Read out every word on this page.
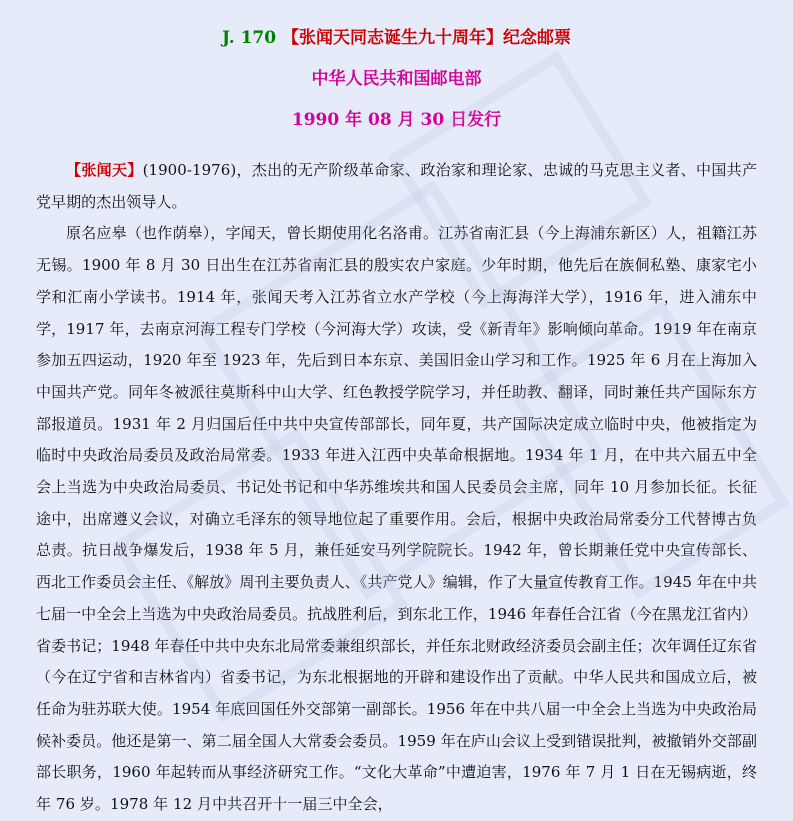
J. 170 【张闻天同志诞生九十周年】纪念邮票
中华人民共和国邮电部
1990 年 08 月 30 日发行

【张闻天】(1900-1976)，杰出的无产阶级革命家、政治家和理论家、忠诚的马克思主义者、中国共产党早期的杰出领导人。

原名应皋（也作荫皋），字闻天，曾长期使用化名洛甫。江苏省南汇县（今上海浦东新区）人，祖籍江苏无锡。1900 年 8 月 30 日出生在江苏省南汇县的殷实农户家庭。少年时期，他先后在族侗私塾、康家宅小学和汇南小学读书。1914 年，张闻天考入江苏省立水产学校（今上海海洋大学），1916 年，进入浦东中学，1917 年，去南京河海工程专门学校（今河海大学）攻读，受《新青年》影响倾向革命。1919 年在南京参加五四运动，1920 年至 1923 年，先后到日本东京、美国旧金山学习和工作。1925 年 6 月在上海加入中国共产党。同年冬被派往莫斯科中山大学、红色教授学院学习，并任助教、翻译，同时兼任共产国际东方部报道员。1931 年 2 月归国后任中共中央宣传部部长，同年夏，共产国际决定成立临时中央，他被指定为临时中央政治局委员及政治局常委。1933 年进入江西中央革命根据地。1934 年 1 月，在中共六届五中全会上当选为中央政治局委员、书记处书记和中华苏维埃共和国人民委员会主席，同年 10 月参加长征。长征途中，出席遵义会议，对确立毛泽东的领导地位起了重要作用。会后，根据中央政治局常委分工代替博古负总责。抗日战争爆发后，1938 年 5 月，兼任延安马列学院院长。1942 年，曾长期兼任党中央宣传部长、西北工作委员会主任、《解放》周刊主要负责人、《共产党人》编辑，作了大量宣传教育工作。1945 年在中共七届一中全会上当选为中央政治局委员。抗战胜利后，到东北工作，1946 年春任合江省（今在黑龙江省内）省委书记；1948 年春任中共中央东北局常委兼组织部长，并任东北财政经济委员会副主任；次年调任辽东省（今在辽宁省和吉林省内）省委书记，为东北根据地的开辟和建设作出了贡献。中华人民共和国成立后，被任命为驻苏联大使。1954 年底回国任外交部第一副部长。1956 年在中共八届一中全会上当选为中央政治局候补委员。他还是第一、第二届全国人大常委会委员。1959 年在庐山会议上受到错误批判，被撤销外交部副部长职务，1960 年起转而从事经济研究工作。“文化大革命”中遭迫害，1976 年 7 月 1 日在无锡病逝，终年 76 岁。1978 年 12 月中共召开十一届三中全会，
